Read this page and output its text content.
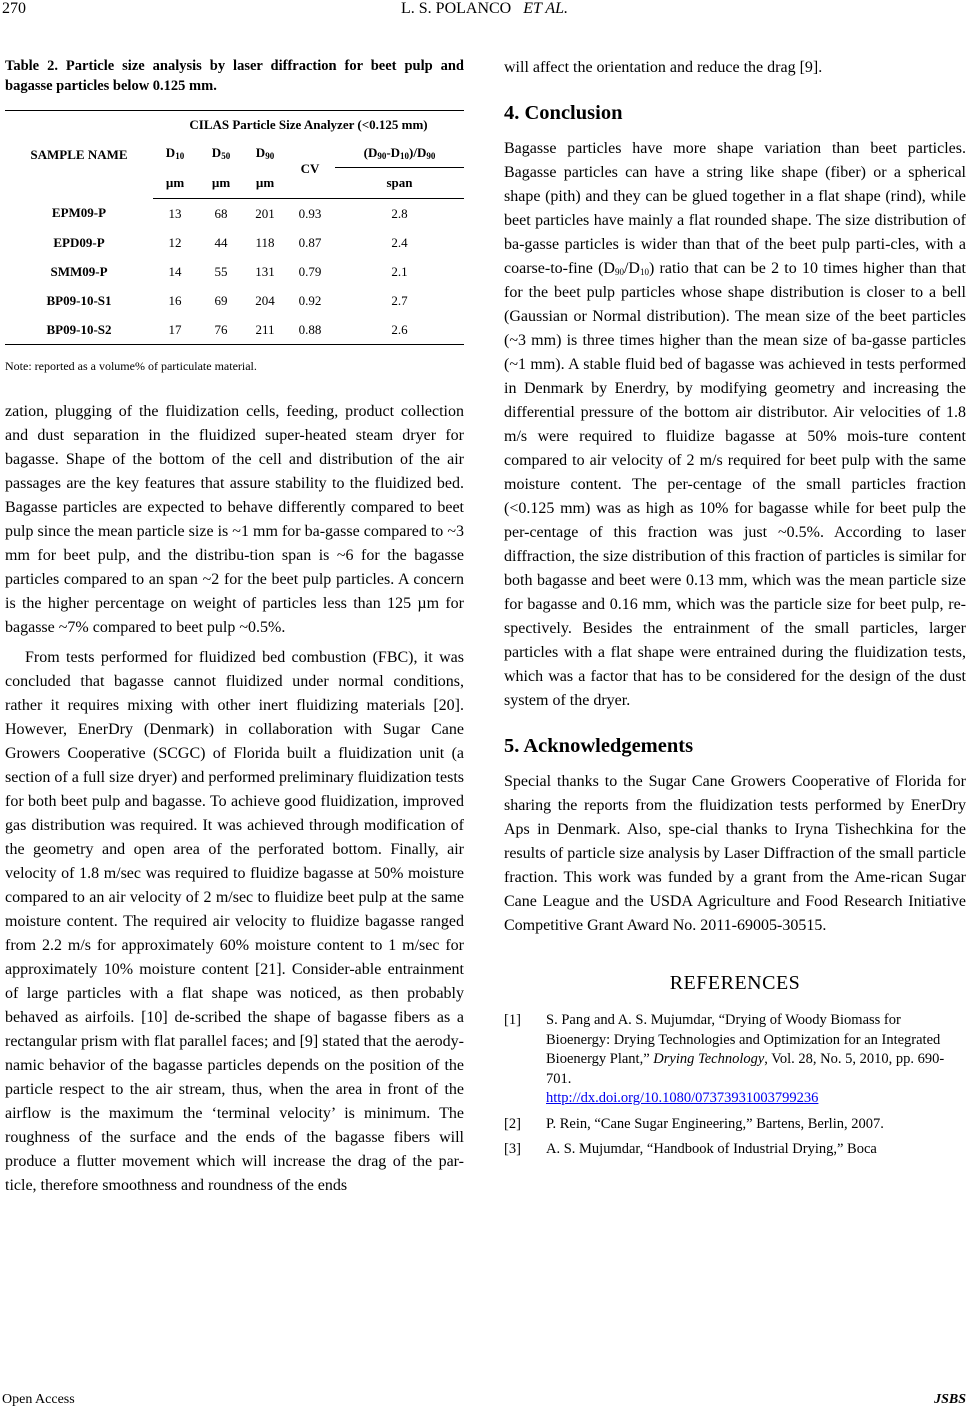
270	L. S. POLANCO ET AL.

Table 2. Particle size analysis by laser diffraction for beet pulp and bagasse particles below 0.125 mm.

SAMPLE NAME	CILAS Particle Size Analyzer (<0.125 mm)				
	$D_{10}$	$D_{50}$	$D_{90}$	CV	$(D_{90}-D_{10})/D_{90}$
	µm	µm	µm		span
EPM09-P	13	68	201	0.93	2.8
EPD09-P	12	44	118	0.87	2.4
SMM09-P	14	55	131	0.79	2.1
BP09-10-S1	16	69	204	0.92	2.7
BP09-10-S2	17	76	211	0.88	2.6
Note: reported as a volume% of particulate material.

zation, plugging of the fluidization cells, feeding, product collection and dust separation in the fluidized super-heated steam dryer for bagasse. Shape of the bottom of the cell and distribution of the air passages are the key features that assure stability to the fluidized bed. Bagasse particles are expected to behave differently compared to beet pulp since the mean particle size is ~1 mm for ba-gasse compared to ~3 mm for beet pulp, and the distribu-tion span is ~6 for the bagasse particles compared to an span ~2 for the beet pulp particles. A concern is the higher percentage on weight of particles less than 125 µm for bagasse ~7% compared to beet pulp ~0.5%.

From tests performed for fluidized bed combustion (FBC), it was concluded that bagasse cannot fluidized under normal conditions, rather it requires mixing with other inert fluidizing materials [20]. However, EnerDry (Denmark) in collaboration with Sugar Cane Growers Cooperative (SCGC) of Florida built a fluidization unit (a section of a full size dryer) and performed preliminary fluidization tests for both beet pulp and bagasse. To achieve good fluidization, improved gas distribution was required. It was achieved through modification of the geometry and open area of the perforated bottom. Finally, air velocity of 1.8 m/sec was required to fluidize bagasse at 50% moisture compared to an air velocity of 2 m/sec to fluidize beet pulp at the same moisture content. The required air velocity to fluidize bagasse ranged from 2.2 m/s for approximately 60% moisture content to 1 m/sec for approximately 10% moisture content [21]. Consider-able entrainment of large particles with a flat shape was noticed, as then probably behaved as airfoils. [10] de-scribed the shape of bagasse fibers as a rectangular prism with flat parallel faces; and [9] stated that the aerody-namic behavior of the bagasse particles depends on the position of the particle respect to the air stream, thus, when the area in front of the airflow is the maximum the ‘terminal velocity’ is minimum. The roughness of the surface and the ends of the bagasse fibers will produce a flutter movement which will increase the drag of the par-ticle, therefore smoothness and roundness of the ends

will affect the orientation and reduce the drag [9].

4. Conclusion

Bagasse particles have more shape variation than beet particles. Bagasse particles can have a string like shape (fiber) or a spherical shape (pith) and they can be glued together in a flat shape (rind), while beet particles have mainly a flat rounded shape. The size distribution of ba-gasse particles is wider than that of the beet pulp parti-cles, with a coarse-to-fine $(D_{90}/D_{10})$ ratio that can be 2 to 10 times higher than that for the beet pulp particles whose shape distribution is closer to a bell (Gaussian or Normal distribution). The mean size of the beet particles (~3 mm) is three times higher than the mean size of ba-gasse particles (~1 mm). A stable fluid bed of bagasse was achieved in tests performed in Denmark by Enerdry, by modifying geometry and increasing the differential pressure of the bottom air distributor. Air velocities of 1.8 m/s were required to fluidize bagasse at 50% mois-ture content compared to air velocity of 2 m/s required for beet pulp with the same moisture content. The per-centage of the small particles fraction (<0.125 mm) was as high as 10% for bagasse while for beet pulp the per-centage of this fraction was just ~0.5%. According to laser diffraction, the size distribution of this fraction of particles is similar for both bagasse and beet were 0.13 mm, which was the mean particle size for bagasse and 0.16 mm, which was the particle size for beet pulp, re-spectively. Besides the entrainment of the small particles, larger particles with a flat shape were entrained during the fluidization tests, which was a factor that has to be considered for the design of the dust system of the dryer.

5. Acknowledgements

Special thanks to the Sugar Cane Growers Cooperative of Florida for sharing the reports from the fluidization tests performed by EnerDry Aps in Denmark. Also, spe-cial thanks to Iryna Tishechkina for the results of particle size analysis by Laser Diffraction of the small particle fraction. This work was funded by a grant from the Ame-rican Sugar Cane League and the USDA Agriculture and Food Research Initiative Competitive Grant Award No. 2011-69005-30515.

REFERENCES

[1] S. Pang and A. S. Mujumdar, “Drying of Woody Biomass for Bioenergy: Drying Technologies and Optimization for an Integrated Bioenergy Plant,” Drying Technology, Vol. 28, No. 5, 2010, pp. 690-701.
http://dx.doi.org/10.1080/07373931003799236

[2] P. Rein, “Cane Sugar Engineering,” Bartens, Berlin, 2007.

[3] A. S. Mujumdar, “Handbook of Industrial Drying,” Boca

Open Access	JSBS
